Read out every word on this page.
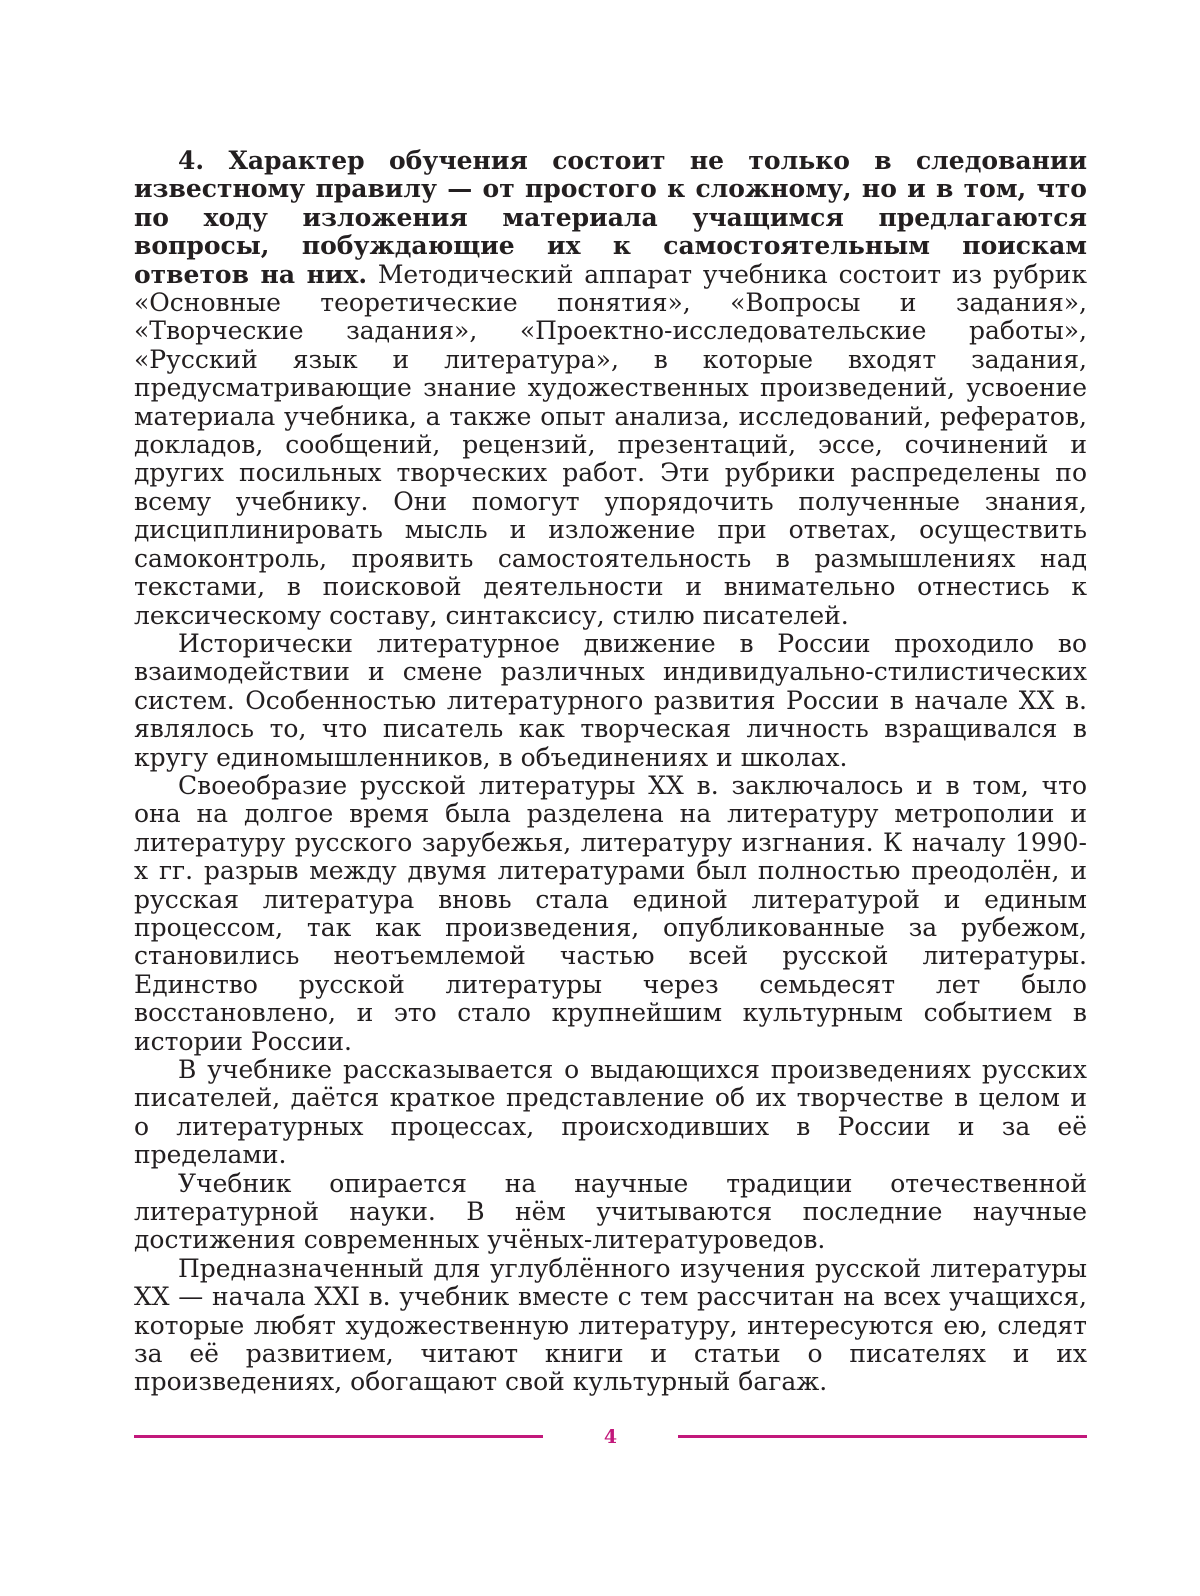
4. Характер обучения состоит не только в следовании известному правилу — от простого к сложному, но и в том, что по ходу изложения материала учащимся предлагаются вопросы, побуждающие их к самостоятельным поискам ответов на них. Методический аппарат учебника состоит из рубрик «Основные теоретические понятия», «Вопросы и задания», «Творческие задания», «Проектно-исследовательские работы», «Русский язык и литература», в которые входят задания, предусматривающие знание художественных произведений, усвоение материала учебника, а также опыт анализа, исследований, рефератов, докладов, сообщений, рецензий, презентаций, эссе, сочинений и других посильных творческих работ. Эти рубрики распределены по всему учебнику. Они помогут упорядочить полученные знания, дисциплинировать мысль и изложение при ответах, осуществить самоконтроль, проявить самостоятельность в размышлениях над текстами, в поисковой деятельности и внимательно отнестись к лексическому составу, синтаксису, стилю писателей.

Исторически литературное движение в России проходило во взаимодействии и смене различных индивидуально-стилистических систем. Особенностью литературного развития России в начале XX в. являлось то, что писатель как творческая личность взращивался в кругу единомышленников, в объединениях и школах.

Своеобразие русской литературы XX в. заключалось и в том, что она на долгое время была разделена на литературу метрополии и литературу русского зарубежья, литературу изгнания. К началу 1990-х гг. разрыв между двумя литературами был полностью преодолён, и русская литература вновь стала единой литературой и единым процессом, так как произведения, опубликованные за рубежом, становились неотъемлемой частью всей русской литературы. Единство русской литературы через семьдесят лет было восстановлено, и это стало крупнейшим культурным событием в истории России.

В учебнике рассказывается о выдающихся произведениях русских писателей, даётся краткое представление об их творчестве в целом и о литературных процессах, происходивших в России и за её пределами.

Учебник опирается на научные традиции отечественной литературной науки. В нём учитываются последние научные достижения современных учёных-литературоведов.

Предназначенный для углублённого изучения русской литературы XX — начала XXI в. учебник вместе с тем рассчитан на всех учащихся, которые любят художественную литературу, интересуются ею, следят за её развитием, читают книги и статьи о писателях и их произведениях, обогащают свой культурный багаж.

4
